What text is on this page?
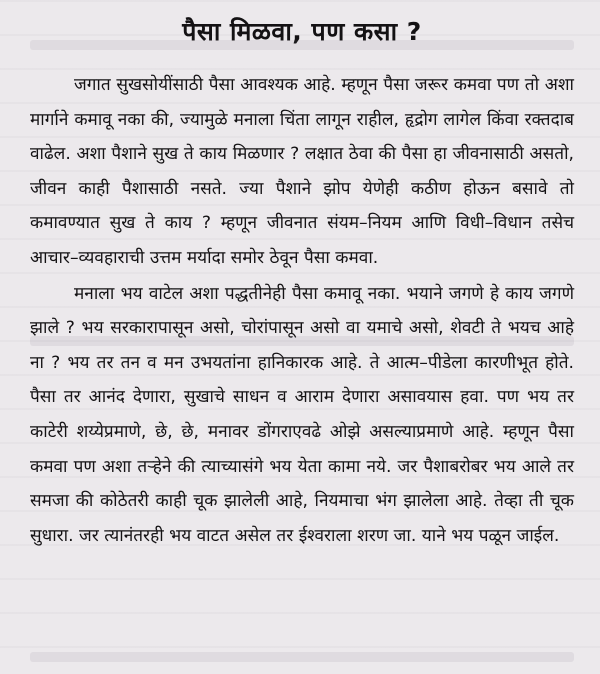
पैसा मिळवा, पण कसा ?

जगात सुखसोयींसाठी पैसा आवश्यक आहे. म्हणून पैसा जरूर कमवा पण तो अशा मार्गाने कमावू नका की, ज्यामुळे मनाला चिंता लागून राहील, हृद्रोग लागेल किंवा रक्तदाब वाढेल. अशा पैशाने सुख ते काय मिळणार ? लक्षात ठेवा की पैसा हा जीवनासाठी असतो, जीवन काही पैशासाठी नसते. ज्या पैशाने झोप येणेही कठीण होऊन बसावे तो कमावण्यात सुख ते काय ? म्हणून जीवनात संयम–नियम आणि विधी–विधान तसेच आचार–व्यवहाराची उत्तम मर्यादा समोर ठेवून पैसा कमवा.

मनाला भय वाटेल अशा पद्धतीनेही पैसा कमावू नका. भयाने जगणे हे काय जगणे झाले ? भय सरकारापासून असो, चोरांपासून असो वा यमाचे असो, शेवटी ते भयच आहे ना ? भय तर तन व मन उभयतांना हानिकारक आहे. ते आत्म–पीडेला कारणीभूत होते. पैसा तर आनंद देणारा, सुखाचे साधन व आराम देणारा असावयास हवा. पण भय तर काटेरी शय्येप्रमाणे, छे, छे, मनावर डोंगराएवढे ओझे असल्याप्रमाणे आहे. म्हणून पैसा कमवा पण अशा तऱ्हेने की त्याच्यासंगे भय येता कामा नये. जर पैशाबरोबर भय आले तर समजा की कोठेतरी काही चूक झालेली आहे, नियमाचा भंग झालेला आहे. तेव्हा ती चूक सुधारा. जर त्यानंतरही भय वाटत असेल तर ईश्वराला शरण जा. याने भय पळून जाईल.
